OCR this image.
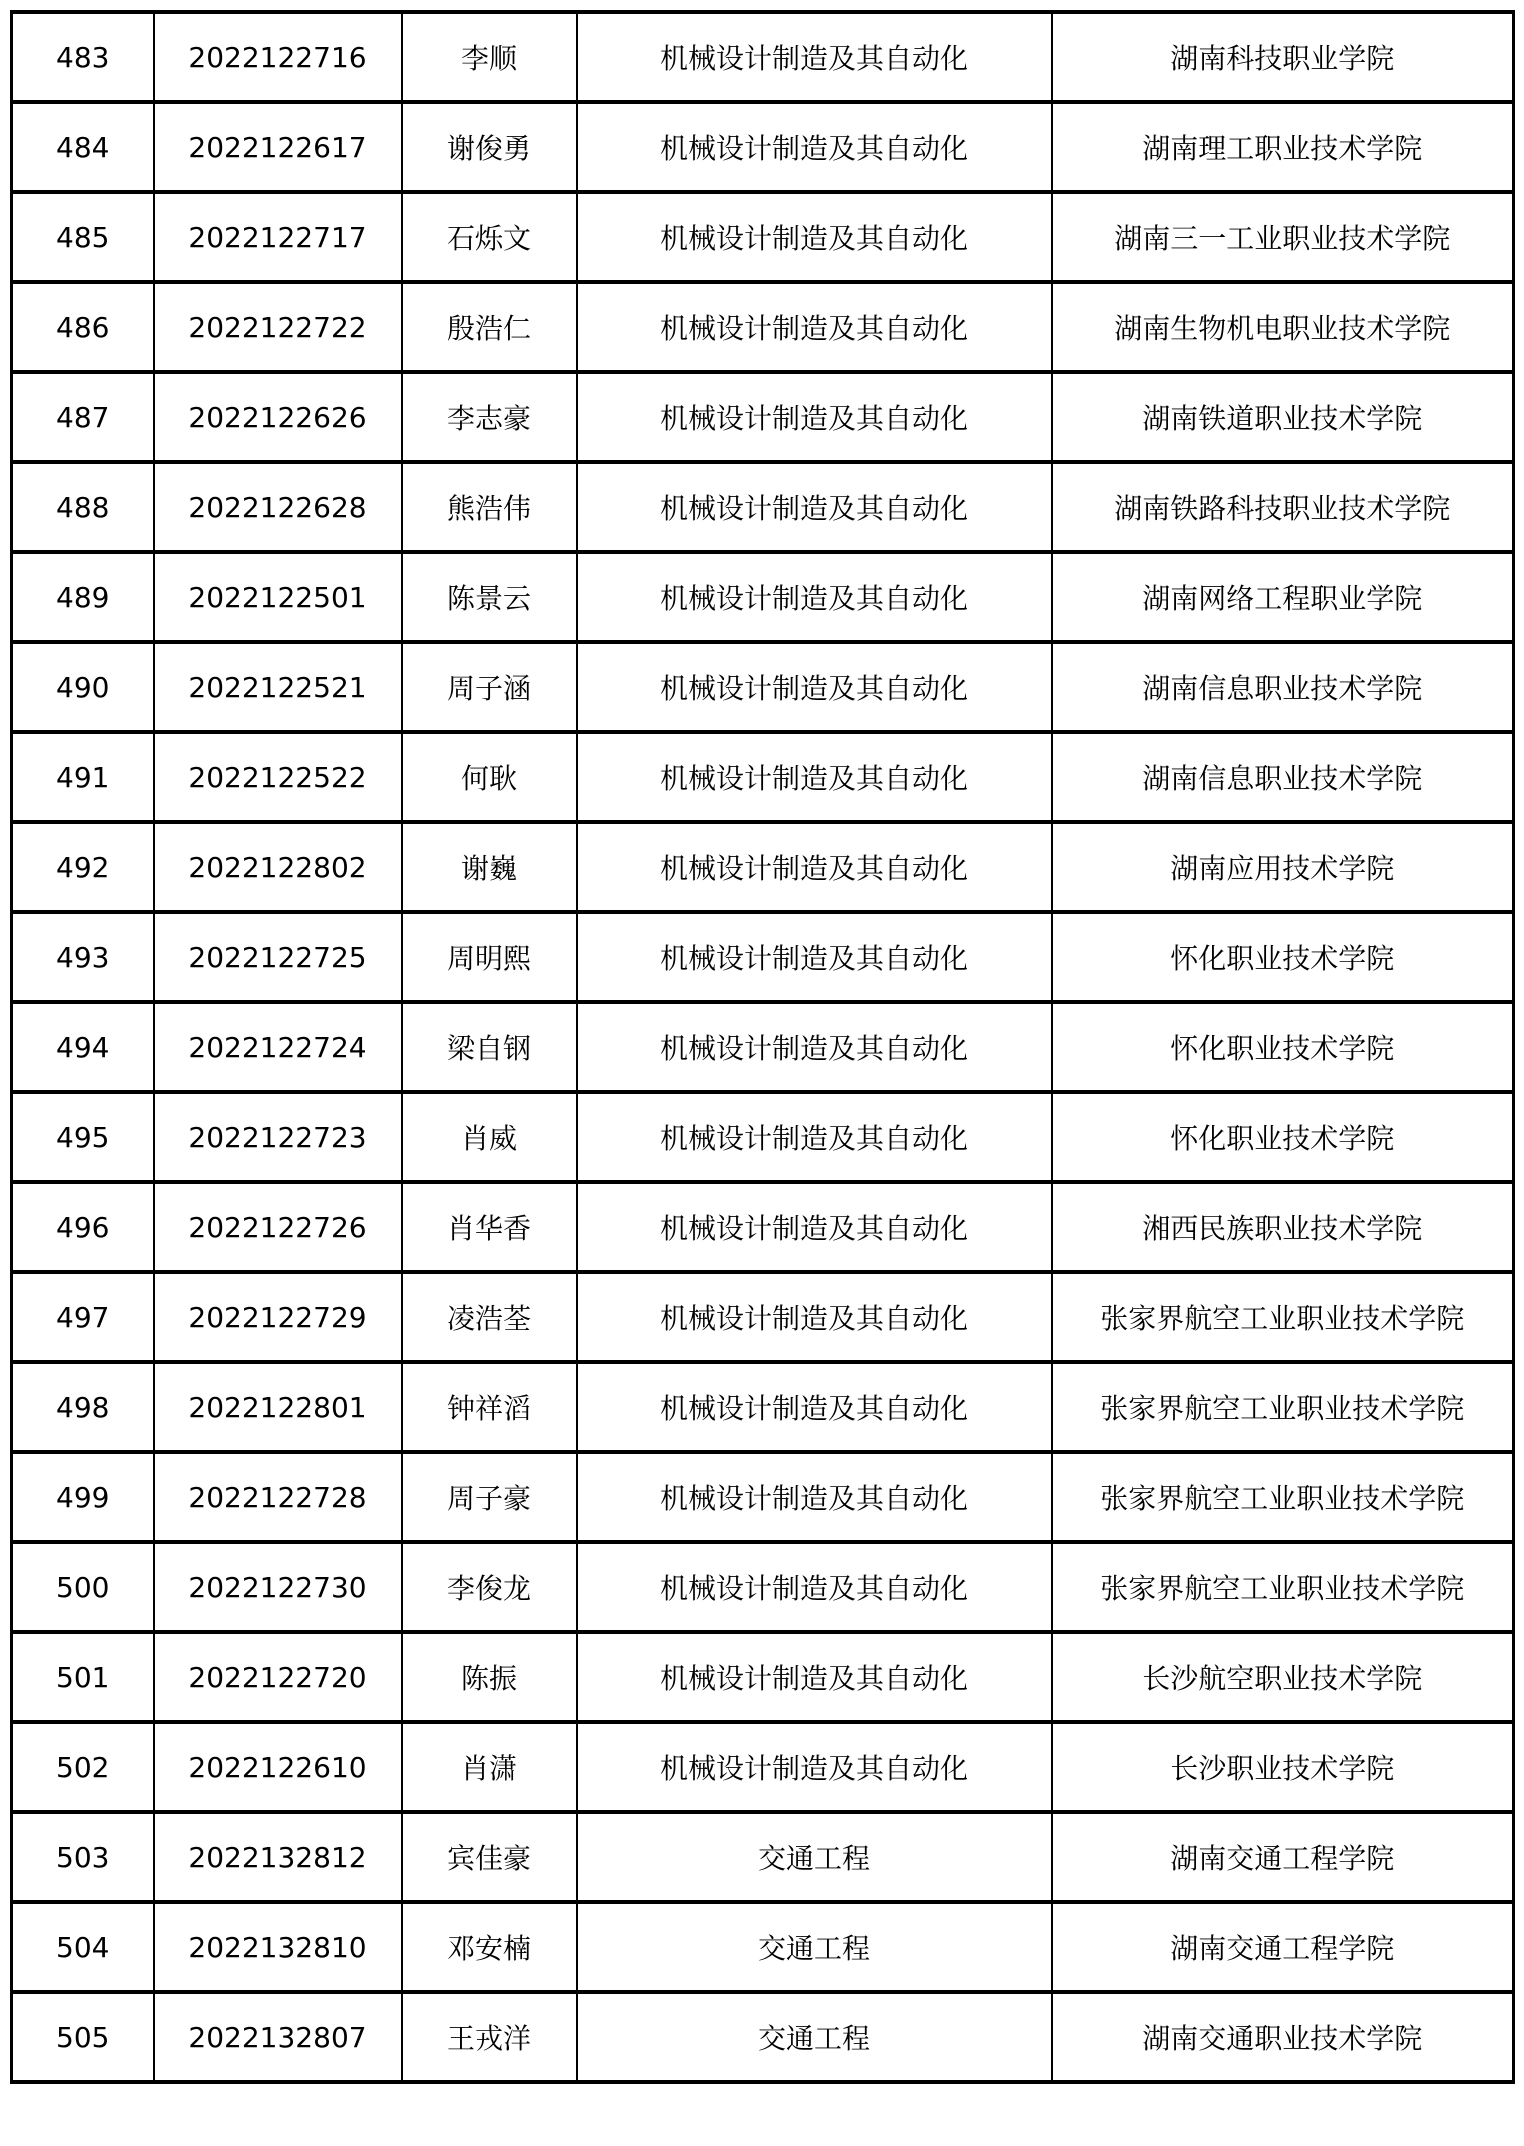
483	2022122716	李顺	机械设计制造及其自动化	湖南科技职业学院
484	2022122617	谢俊勇	机械设计制造及其自动化	湖南理工职业技术学院
485	2022122717	石烁文	机械设计制造及其自动化	湖南三一工业职业技术学院
486	2022122722	殷浩仁	机械设计制造及其自动化	湖南生物机电职业技术学院
487	2022122626	李志豪	机械设计制造及其自动化	湖南铁道职业技术学院
488	2022122628	熊浩伟	机械设计制造及其自动化	湖南铁路科技职业技术学院
489	2022122501	陈景云	机械设计制造及其自动化	湖南网络工程职业学院
490	2022122521	周子涵	机械设计制造及其自动化	湖南信息职业技术学院
491	2022122522	何耿	机械设计制造及其自动化	湖南信息职业技术学院
492	2022122802	谢巍	机械设计制造及其自动化	湖南应用技术学院
493	2022122725	周明熙	机械设计制造及其自动化	怀化职业技术学院
494	2022122724	梁自钢	机械设计制造及其自动化	怀化职业技术学院
495	2022122723	肖威	机械设计制造及其自动化	怀化职业技术学院
496	2022122726	肖华香	机械设计制造及其自动化	湘西民族职业技术学院
497	2022122729	凌浩荃	机械设计制造及其自动化	张家界航空工业职业技术学院
498	2022122801	钟祥滔	机械设计制造及其自动化	张家界航空工业职业技术学院
499	2022122728	周子豪	机械设计制造及其自动化	张家界航空工业职业技术学院
500	2022122730	李俊龙	机械设计制造及其自动化	张家界航空工业职业技术学院
501	2022122720	陈振	机械设计制造及其自动化	长沙航空职业技术学院
502	2022122610	肖潇	机械设计制造及其自动化	长沙职业技术学院
503	2022132812	宾佳豪	交通工程	湖南交通工程学院
504	2022132810	邓安楠	交通工程	湖南交通工程学院
505	2022132807	王戎洋	交通工程	湖南交通职业技术学院
